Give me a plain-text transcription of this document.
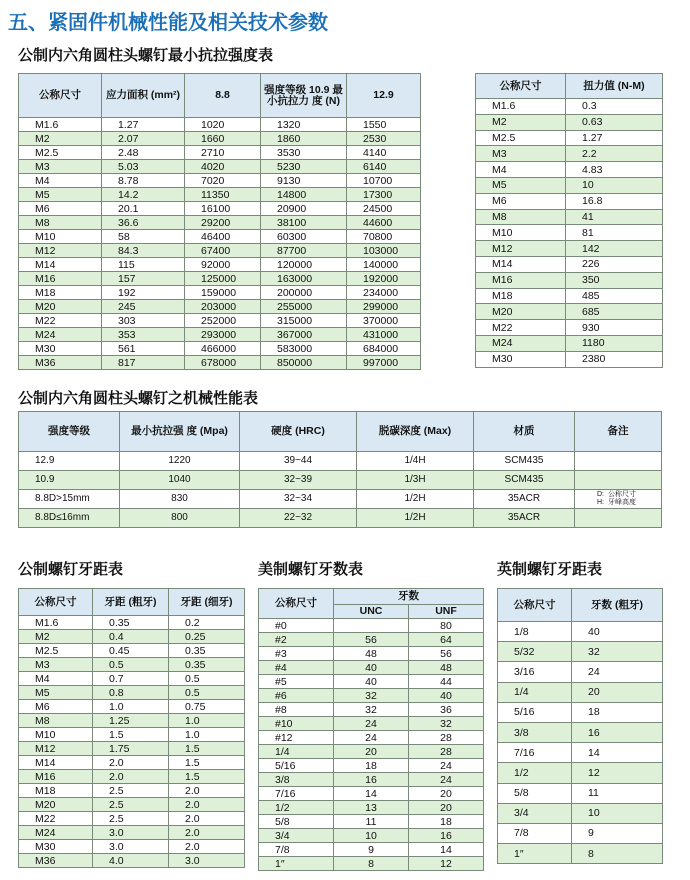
五、紧固件机械性能及相关技术参数
公制内六角圆柱头螺钉最小抗拉强度表
公称尺寸	应力面积 (mm²)	8.8	强度等级 10.9 最小抗拉力 度 (N)	12.9
M1.6	1.27	1020	1320	1550
M2	2.07	1660	1860	2530
M2.5	2.48	2710	3530	4140
M3	5.03	4020	5230	6140
M4	8.78	7020	9130	10700
M5	14.2	11350	14800	17300
M6	20.1	16100	20900	24500
M8	36.6	29200	38100	44600
M10	58	46400	60300	70800
M12	84.3	67400	87700	103000
M14	115	92000	120000	140000
M16	157	125000	163000	192000
M18	192	159000	200000	234000
M20	245	203000	255000	299000
M22	303	252000	315000	370000
M24	353	293000	367000	431000
M30	561	466000	583000	684000
M36	817	678000	850000	997000
公称尺寸	扭力值 (N-M)
M1.6	0.3
M2	0.63
M2.5	1.27
M3	2.2
M4	4.83
M5	10
M6	16.8
M8	41
M10	81
M12	142
M14	226
M16	350
M18	485
M20	685
M22	930
M24	1180
M30	2380
公制内六角圆柱头螺钉之机械性能表
强度等级	最小抗拉强 度 (Mpa)	硬度 (HRC)	脱碳深度 (Max)	材质	备注
12.9	1220	39~44	1/4H	SCM435	
10.9	1040	32~39	1/3H	SCM435	
8.8D>15mm	830	32~34	1/2H	35ACR	D: 公称尺寸
H: 牙峰高度

8.8D≤16mm	800	22~32	1/2H	35ACR	
公制螺钉牙距表
公称尺寸	牙距 (粗牙)	牙距 (细牙)
M1.6	0.35	0.2
M2	0.4	0.25
M2.5	0.45	0.35
M3	0.5	0.35
M4	0.7	0.5
M5	0.8	0.5
M6	1.0	0.75
M8	1.25	1.0
M10	1.5	1.0
M12	1.75	1.5
M14	2.0	1.5
M16	2.0	1.5
M18	2.5	2.0
M20	2.5	2.0
M22	2.5	2.0
M24	3.0	2.0
M30	3.0	2.0
M36	4.0	3.0
美制螺钉牙数表
公称尺寸	牙数	
	UNC	UNF
#0		80
#2	56	64
#3	48	56
#4	40	48
#5	40	44
#6	32	40
#8	32	36
#10	24	32
#12	24	28
1/4	20	28
5/16	18	24
3/8	16	24
7/16	14	20
1/2	13	20
5/8	11	18
3/4	10	16
7/8	9	14
1″	8	12
英制螺钉牙距表
公称尺寸	牙数 (粗牙)
1/8	40
5/32	32
3/16	24
1/4	20
5/16	18
3/8	16
7/16	14
1/2	12
5/8	11
3/4	10
7/8	9
1″	8
